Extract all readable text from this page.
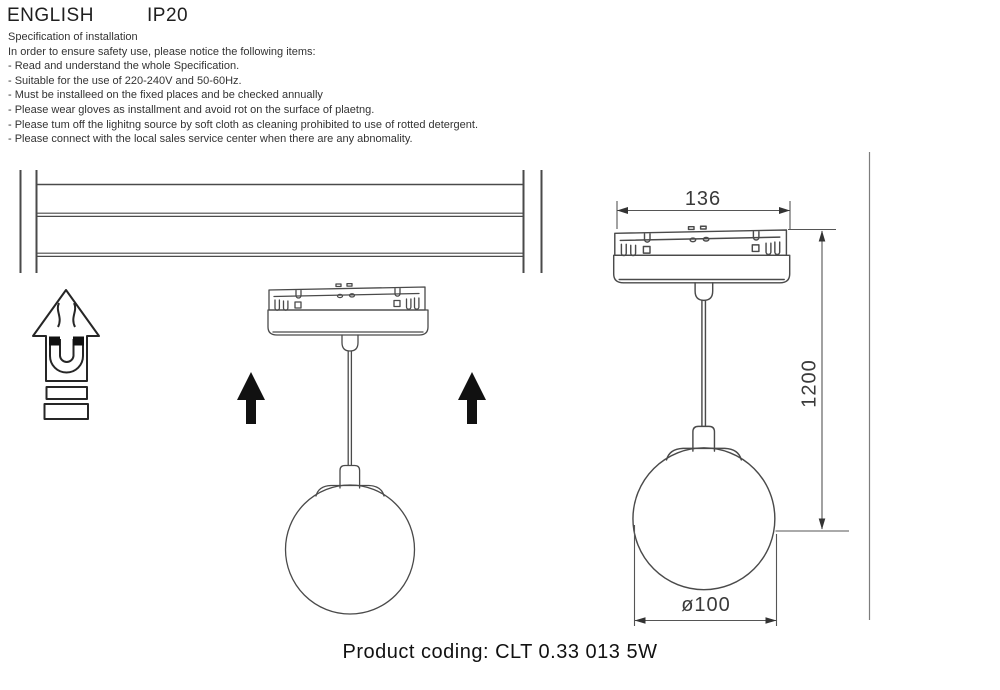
ENGLISH	IP20
Specification of installation
In order to ensure safety use, please notice the following items:
- Read and understand the whole Specification.
- Suitable for the use of 220-240V and 50-60Hz.
- Must be installeed on the fixed places and be checked annually
- Please wear gloves as installment and avoid rot on the surface of plaetng.
- Please tum off the lighitng source by soft cloth as cleaning prohibited to use of rotted detergent.
- Please connect with the local sales service center when there are any abnomality.
136
1200
ø100
Product coding: CLT 0.33 013 5W
